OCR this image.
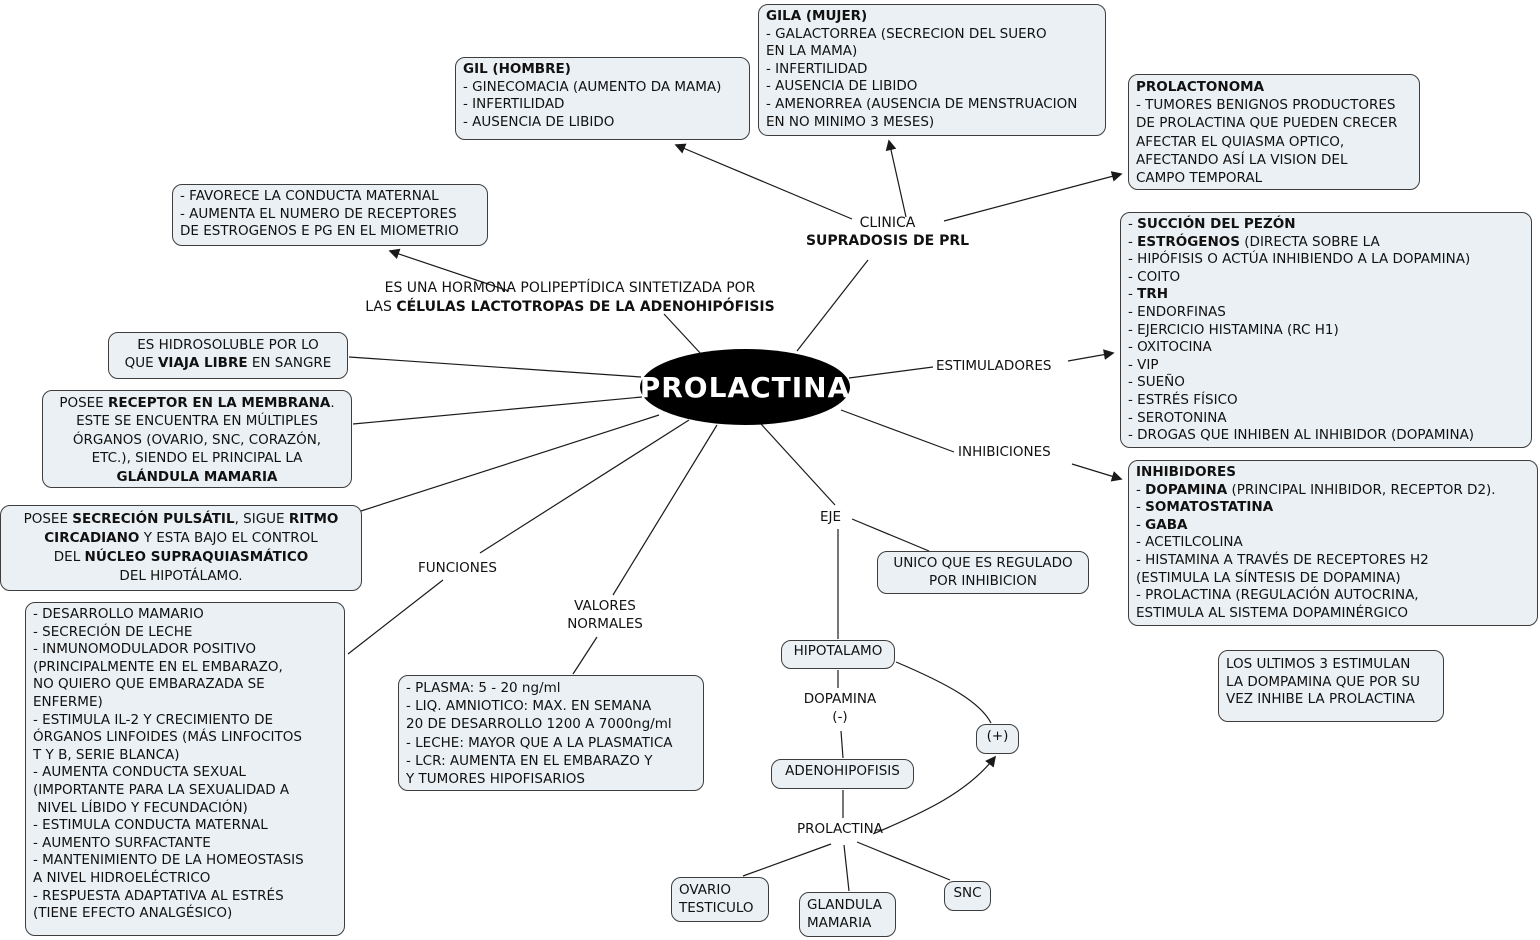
GIL (HOMBRE)
- GINECOMACIA (AUMENTO DA MAMA)
- INFERTILIDAD
- AUSENCIA DE LIBIDO
GILA (MUJER)
- GALACTORREA (SECRECION DEL SUERO
EN LA MAMA)
- INFERTILIDAD
- AUSENCIA DE LIBIDO
- AMENORREA (AUSENCIA DE MENSTRUACION
EN NO MINIMO 3 MESES)
PROLACTONOMA
- TUMORES BENIGNOS PRODUCTORES
DE PROLACTINA QUE PUEDEN CRECER
AFECTAR EL QUIASMA OPTICO,
AFECTANDO ASÍ LA VISION DEL
CAMPO TEMPORAL
- SUCCIÓN DEL PEZÓN
- ESTRÓGENOS (DIRECTA SOBRE LA
- HIPÓFISIS O ACTÚA INHIBIENDO A LA DOPAMINA)
- COITO
- TRH
- ENDORFINAS
- EJERCICIO HISTAMINA (RC H1)
- OXITOCINA
- VIP
- SUEÑO
- ESTRÉS FÍSICO
- SEROTONINA
- DROGAS QUE INHIBEN AL INHIBIDOR (DOPAMINA)
INHIBIDORES
- DOPAMINA (PRINCIPAL INHIBIDOR, RECEPTOR D2).
- SOMATOSTATINA
- GABA
- ACETILCOLINA
- HISTAMINA A TRAVÉS DE RECEPTORES H2
(ESTIMULA LA SÍNTESIS DE DOPAMINA)
- PROLACTINA (REGULACIÓN AUTOCRINA,
ESTIMULA AL SISTEMA DOPAMINÉRGICO
LOS ULTIMOS 3 ESTIMULAN
LA DOMPAMINA QUE POR SU
VEZ INHIBE LA PROLACTINA
- FAVORECE LA CONDUCTA MATERNAL
- AUMENTA EL NUMERO DE RECEPTORES
DE ESTROGENOS E PG EN EL MIOMETRIO
ES HIDROSOLUBLE POR LO
QUE VIAJA LIBRE EN SANGRE
POSEE RECEPTOR EN LA MEMBRANA.
ESTE SE ENCUENTRA EN MÚLTIPLES
ÓRGANOS (OVARIO, SNC, CORAZÓN,
ETC.), SIENDO EL PRINCIPAL LA
GLÁNDULA MAMARIA
POSEE SECRECIÓN PULSÁTIL, SIGUE RITMO
CIRCADIANO Y ESTA BAJO EL CONTROL
DEL NÚCLEO SUPRAQUIASMÁTICO
DEL HIPOTÁLAMO.
- DESARROLLO MAMARIO
- SECRECIÓN DE LECHE
- INMUNOMODULADOR POSITIVO
(PRINCIPALMENTE EN EL EMBARAZO,
NO QUIERO QUE EMBARAZADA SE
ENFERME)
- ESTIMULA IL-2 Y CRECIMIENTO DE
ÓRGANOS LINFOIDES (MÁS LINFOCITOS
T Y B, SERIE BLANCA)
- AUMENTA CONDUCTA SEXUAL
(IMPORTANTE PARA LA SEXUALIDAD A
NIVEL LÍBIDO Y FECUNDACIÓN)
- ESTIMULA CONDUCTA MATERNAL
- AUMENTO SURFACTANTE
- MANTENIMIENTO DE LA HOMEOSTASIS
A NIVEL HIDROELÉCTRICO
- RESPUESTA ADAPTATIVA AL ESTRÉS
(TIENE EFECTO ANALGÉSICO)
- PLASMA: 5 - 20 ng/ml
- LIQ. AMNIOTICO: MAX. EN SEMANA
20 DE DESARROLLO 1200 A 7000ng/ml
- LECHE: MAYOR QUE A LA PLASMATICA
- LCR: AUMENTA EN EL EMBARAZO Y
Y TUMORES HIPOFISARIOS
UNICO QUE ES REGULADO
POR INHIBICION
HIPOTALAMO
ADENOHIPOFISIS
OVARIO
TESTICULO	GLANDULA
MAMARIA
SNC
(+)
ES UNA HORMONA POLIPEPTÍDICA SINTETIZADA POR
LAS CÉLULAS LACTOTROPAS DE LA ADENOHIPÓFISIS
CLINICA
SUPRADOSIS DE PRL
ESTIMULADORES
INHIBICIONES
EJE
FUNCIONES
VALORES
NORMALES
DOPAMINA
(-)
PROLACTINA
PROLACTINA
